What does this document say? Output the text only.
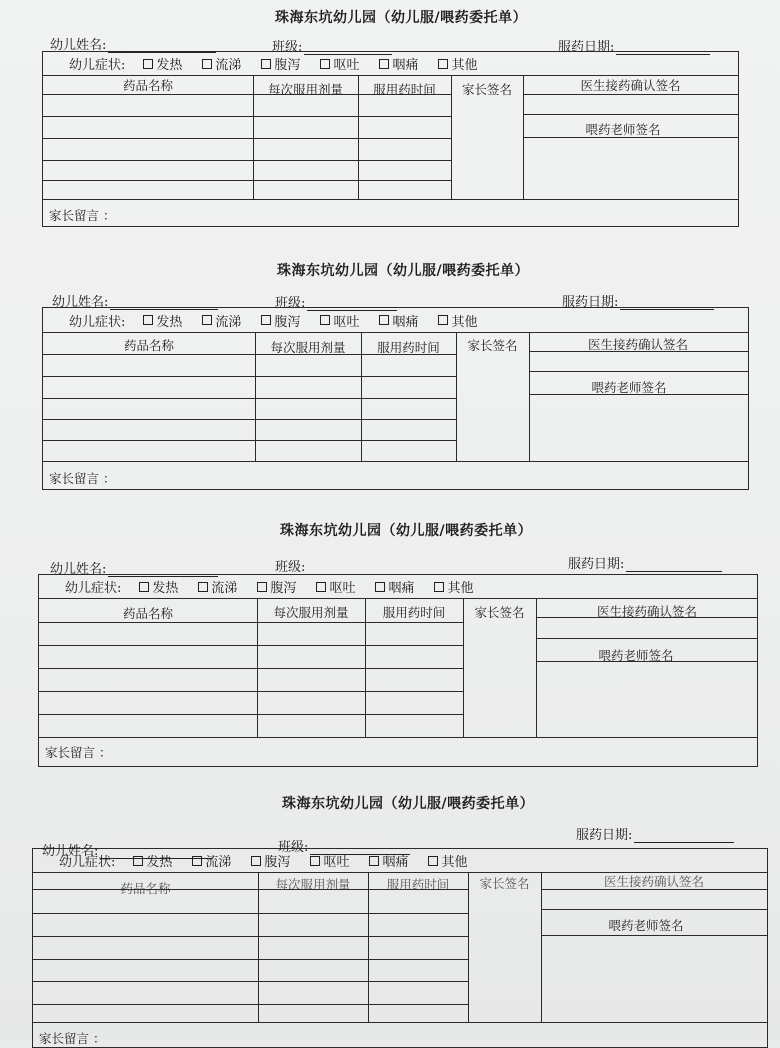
珠海东坑幼儿园（幼儿服/喂药委托单）
幼儿姓名:	班级:	服药日期:
幼儿症状: 发热	流涕	腹泻	呕吐	咽痛	其他
药品名称	每次服用剂量	服用药时间	家长签名	医生接药确认签名
喂药老师签名
家长留言 ：
珠海东坑幼儿园（幼儿服/喂药委托单）
幼儿姓名:	班级:	服药日期:
幼儿症状: 发热	流涕	腹泻	呕吐	咽痛	其他
药品名称	每次服用剂量	服用药时间	家长签名	医生接药确认签名
喂药老师签名
家长留言 ：
珠海东坑幼儿园（幼儿服/喂药委托单）
幼儿姓名:	班级:	服药日期:
幼儿症状: 发热	流涕	腹泻	呕吐	咽痛	其他
药品名称	每次服用剂量	服用药时间	家长签名	医生接药确认签名
喂药老师签名
家长留言 ：
珠海东坑幼儿园（幼儿服/喂药委托单）
幼儿姓名:	班级:
服药日期:
幼儿症状: 发热	流涕	腹泻	呕吐	咽痛	其他
药品名称	每次服用剂量	服用药时间	家长签名	医生接药确认签名
喂药老师签名
家长留言 ：
